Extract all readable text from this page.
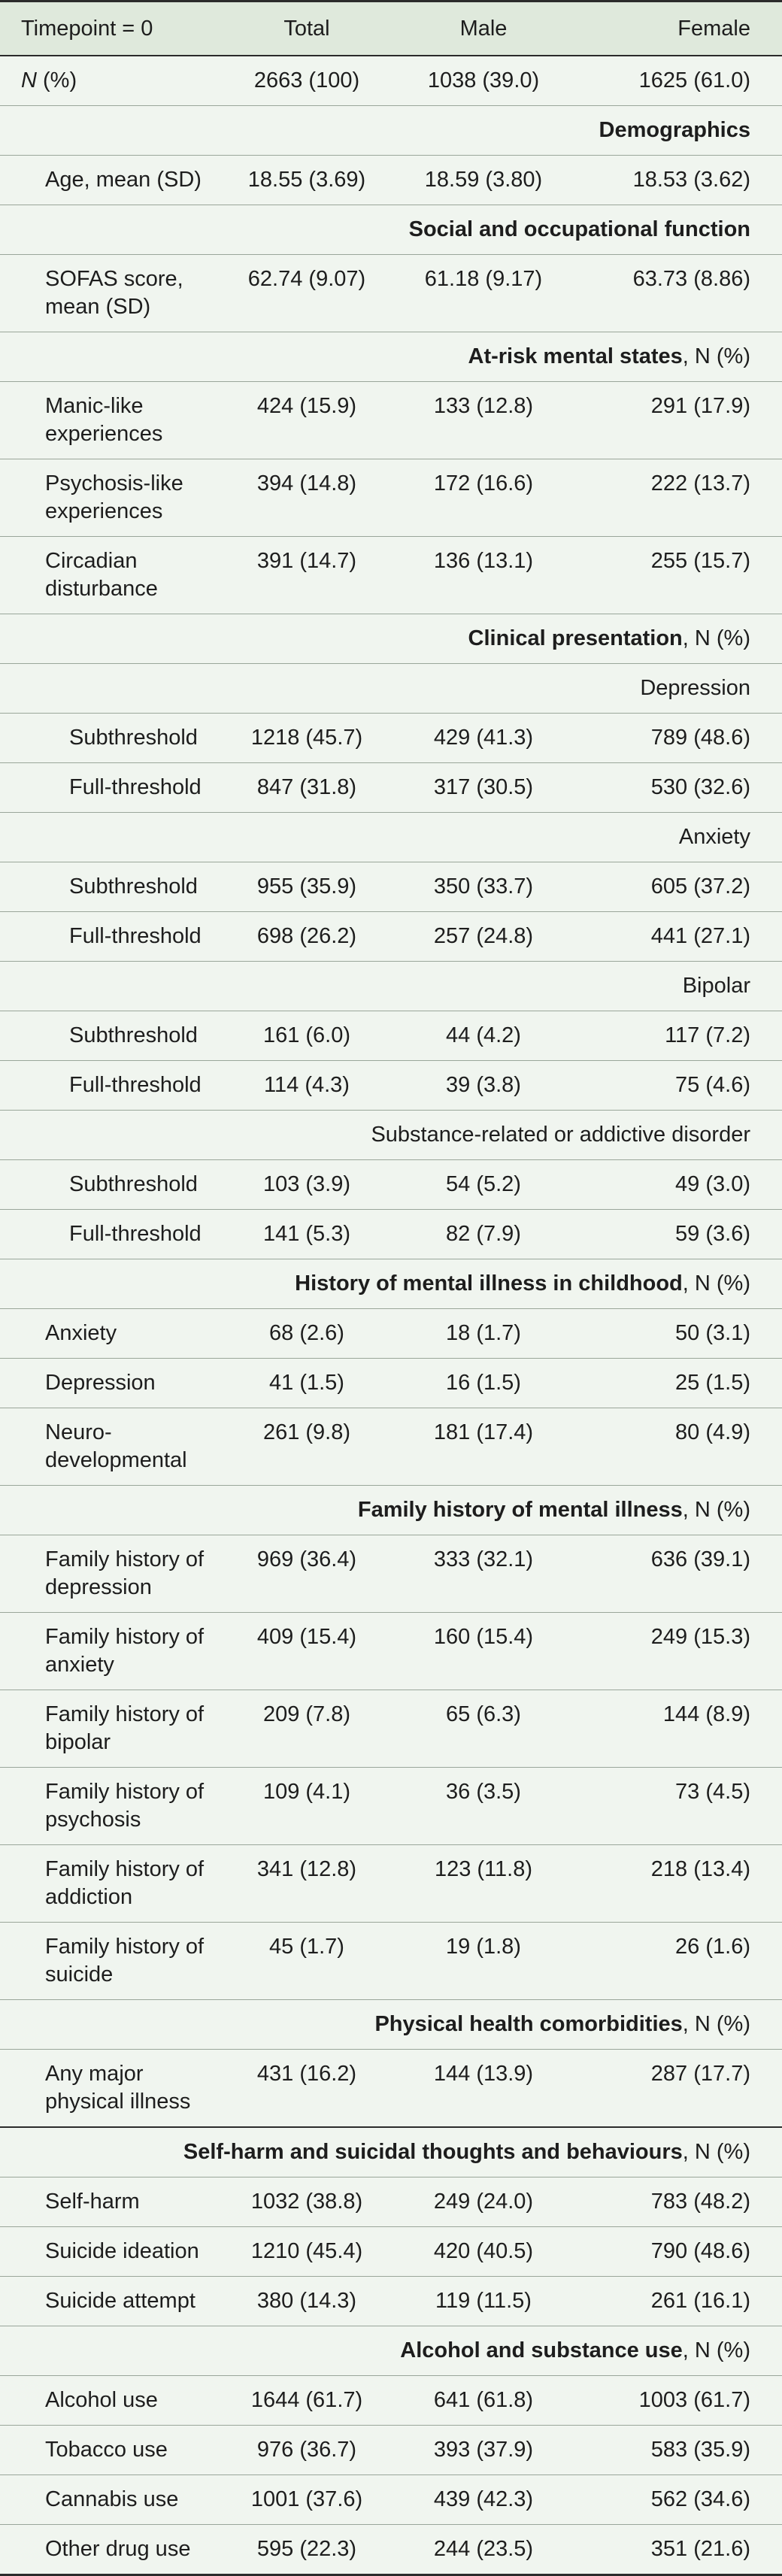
Timepoint = 0	Total	Male	Female
N (%)	2663 (100)	1038 (39.0)	1625 (61.0)
Demographics			
Age, mean (SD)	18.55 (3.69)	18.59 (3.80)	18.53 (3.62)
Social and occupational function			
SOFAS score, mean (SD)	62.74 (9.07)	61.18 (9.17)	63.73 (8.86)
At-risk mental states, N (%)			
Manic-like experiences	424 (15.9)	133 (12.8)	291 (17.9)
Psychosis-like experiences	394 (14.8)	172 (16.6)	222 (13.7)
Circadian disturbance	391 (14.7)	136 (13.1)	255 (15.7)
Clinical presentation, N (%)			
Depression			
Subthreshold	1218 (45.7)	429 (41.3)	789 (48.6)
Full-threshold	847 (31.8)	317 (30.5)	530 (32.6)
Anxiety			
Subthreshold	955 (35.9)	350 (33.7)	605 (37.2)
Full-threshold	698 (26.2)	257 (24.8)	441 (27.1)
Bipolar			
Subthreshold	161 (6.0)	44 (4.2)	117 (7.2)
Full-threshold	114 (4.3)	39 (3.8)	75 (4.6)
Substance-related or addictive disorder			
Subthreshold	103 (3.9)	54 (5.2)	49 (3.0)
Full-threshold	141 (5.3)	82 (7.9)	59 (3.6)
History of mental illness in childhood, N (%)			
Anxiety	68 (2.6)	18 (1.7)	50 (3.1)
Depression	41 (1.5)	16 (1.5)	25 (1.5)
Neuro-developmental	261 (9.8)	181 (17.4)	80 (4.9)
Family history of mental illness, N (%)			
Family history of depression	969 (36.4)	333 (32.1)	636 (39.1)
Family history of anxiety	409 (15.4)	160 (15.4)	249 (15.3)
Family history of bipolar	209 (7.8)	65 (6.3)	144 (8.9)
Family history of psychosis	109 (4.1)	36 (3.5)	73 (4.5)
Family history of addiction	341 (12.8)	123 (11.8)	218 (13.4)
Family history of suicide	45 (1.7)	19 (1.8)	26 (1.6)
Physical health comorbidities, N (%)			
Any major physical illness	431 (16.2)	144 (13.9)	287 (17.7)
Self-harm and suicidal thoughts and behaviours, N (%)			
Self-harm	1032 (38.8)	249 (24.0)	783 (48.2)
Suicide ideation	1210 (45.4)	420 (40.5)	790 (48.6)
Suicide attempt	380 (14.3)	119 (11.5)	261 (16.1)
Alcohol and substance use, N (%)			
Alcohol use	1644 (61.7)	641 (61.8)	1003 (61.7)
Tobacco use	976 (36.7)	393 (37.9)	583 (35.9)
Cannabis use	1001 (37.6)	439 (42.3)	562 (34.6)
Other drug use	595 (22.3)	244 (23.5)	351 (21.6)
